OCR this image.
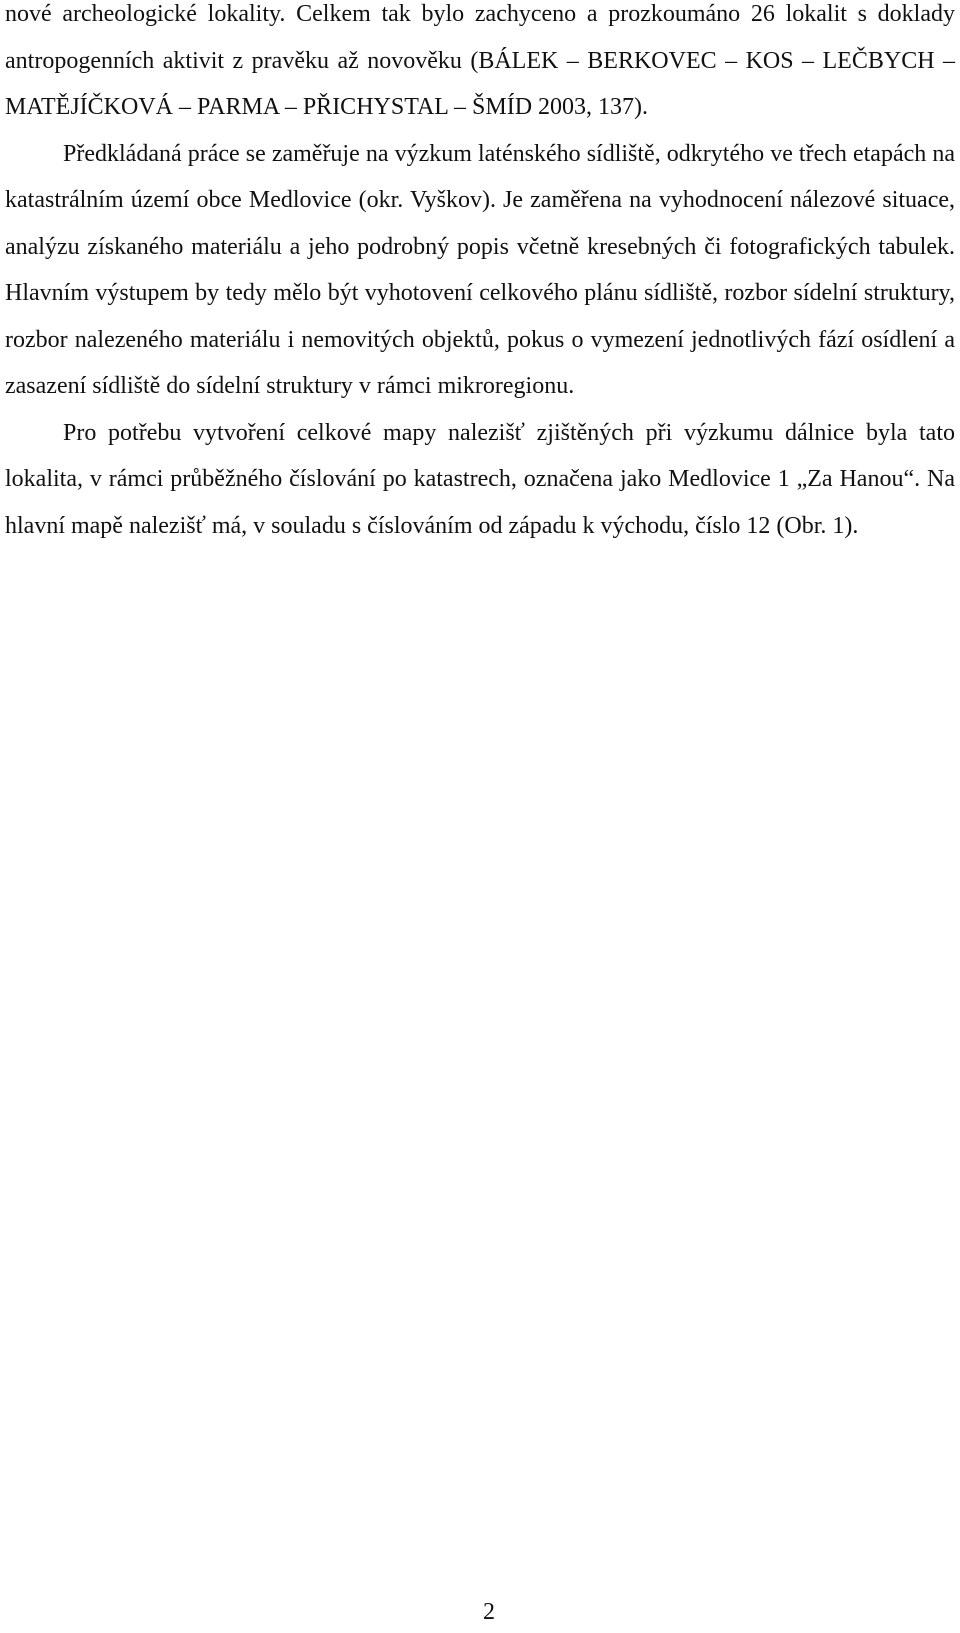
nové archeologické lokality. Celkem tak bylo zachyceno a prozkoumáno 26 lokalit s doklady antropogenních aktivit z pravěku až novověku (BÁLEK – BERKOVEC – KOS – LEČBYCH – MATĚJÍČKOVÁ – PARMA – PŘICHYSTAL – ŠMÍD 2003, 137).

Předkládaná práce se zaměřuje na výzkum laténského sídliště, odkrytého ve třech etapách na katastrálním území obce Medlovice (okr. Vyškov). Je zaměřena na vyhodnocení nálezové situace, analýzu získaného materiálu a jeho podrobný popis včetně kresebných či fotografických tabulek. Hlavním výstupem by tedy mělo být vyhotovení celkového plánu sídliště, rozbor sídelní struktury, rozbor nalezeného materiálu i nemovitých objektů, pokus o vymezení jednotlivých fází osídlení a zasazení sídliště do sídelní struktury v rámci mikroregionu.

Pro potřebu vytvoření celkové mapy nalezišť zjištěných při výzkumu dálnice byla tato lokalita, v rámci průběžného číslování po katastrech, označena jako Medlovice 1 „Za Hanou“. Na hlavní mapě nalezišť má, v souladu s číslováním od západu k východu, číslo 12 (Obr. 1).

2
